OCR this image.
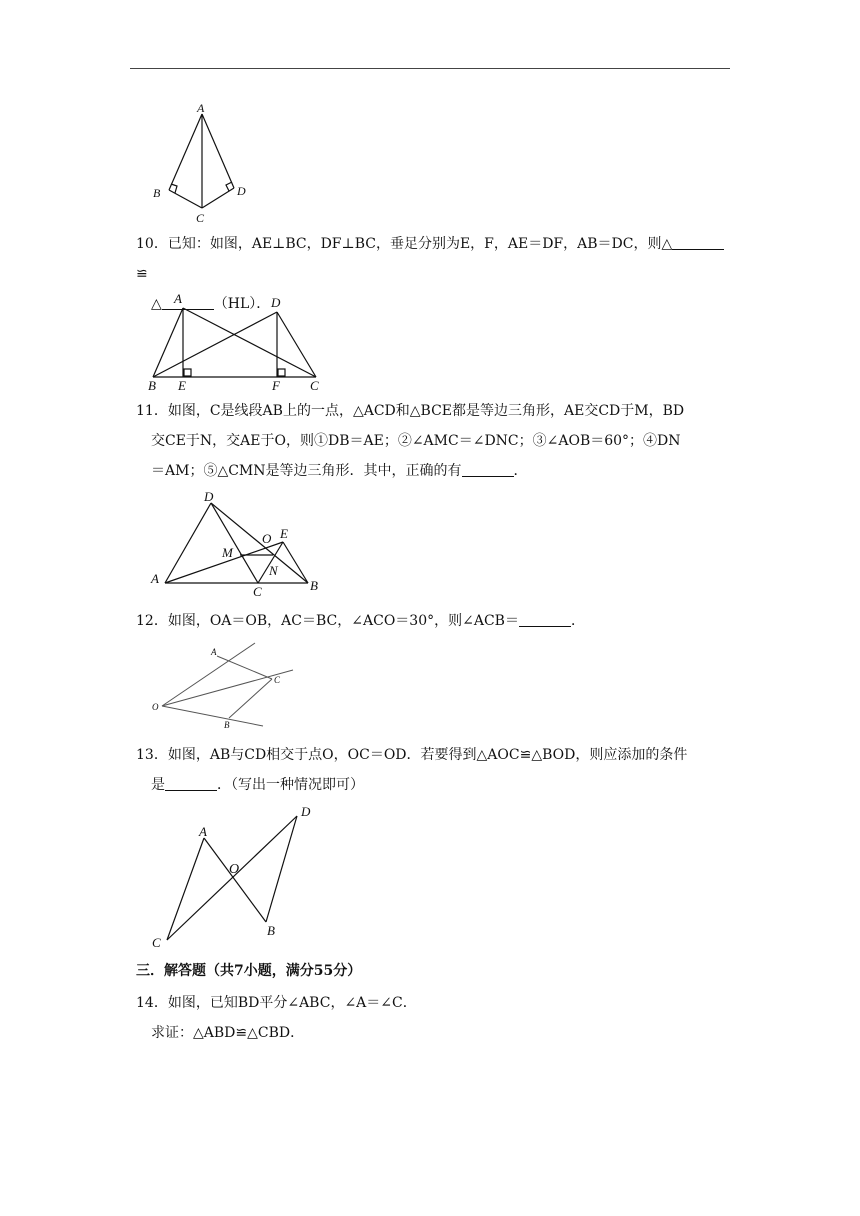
A
B
C
D
10．已知：如图，AE⊥BC，DF⊥BC，垂足分别为E，F，AE＝DF，AB＝DC，则△≌
△	（HL）．
A	D
B E	F C
11．如图，C是线段AB上的一点，△ACD和△BCE都是等边三角形，AE交CD于M，BD
交CE于N，交AE于O，则①DB＝AE；②∠AMC＝∠DNC；③∠AOB＝60°；④DN
＝AM；⑤△CMN是等边三角形．其中，正确的有	．
D
O E
M
N
A
C	B
12．如图，OA＝OB，AC＝BC，∠ACO＝30°，则∠ACB＝	．
A
C
O
B
13．如图，AB与CD相交于点O，OC＝OD．若要得到△AOC≌△BOD，则应添加的条件
是	．（写出一种情况即可）
D
A
O
C
B
三．解答题（共7小题，满分55分）
14．如图，已知BD平分∠ABC，∠A＝∠C．
求证：△ABD≌△CBD．
